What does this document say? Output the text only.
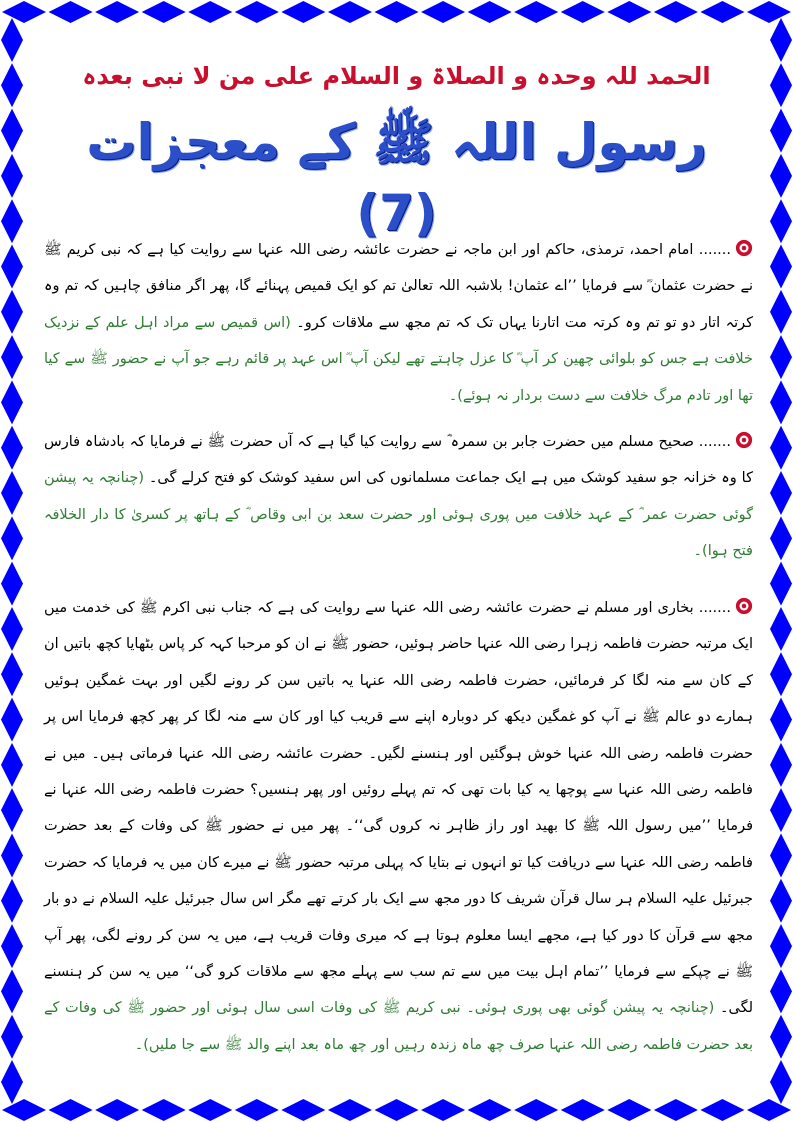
الحمد للہ وحدہ و الصلاۃ و السلام علی من لا نبی بعدہ
رسول اللہ ﷺ کے معجزات (7)
....... امام احمد، ترمذی، حاکم اور ابن ماجہ نے حضرت عائشہ رضی اللہ عنہا سے روایت کیا ہے کہ نبی کریم ﷺ نے حضرت عثمان ؓ سے فرمایا ’’اے عثمان! بلاشبہ اللہ تعالیٰ تم کو ایک قمیص پہنائے گا، پھر اگر منافق چاہیں کہ تم وہ کرتہ اتار دو تو تم وہ کرتہ مت اتارنا یہاں تک کہ تم مجھ سے ملاقات کرو۔ (اس قمیص سے مراد اہل علم کے نزدیک خلافت ہے جس کو بلوائی چھین کر آپ ؓ کا عزل چاہتے تھے لیکن آپ ؓ اس عہد پر قائم رہے جو آپ نے حضور ﷺ سے کیا تھا اور تادم مرگ خلافت سے دست بردار نہ ہوئے)۔
....... صحیح مسلم میں حضرت جابر بن سمرہ ؓ سے روایت کیا گیا ہے کہ آں حضرت ﷺ نے فرمایا کہ بادشاہ فارس کا وہ خزانہ جو سفید کوشک میں ہے ایک جماعت مسلمانوں کی اس سفید کوشک کو فتح کرلے گی۔ (چنانچہ یہ پیشن گوئی حضرت عمر ؓ کے عہد خلافت میں پوری ہوئی اور حضرت سعد بن ابی وقاص ؓ کے ہاتھ پر کسریٰ کا دار الخلافہ فتح ہوا)۔
....... بخاری اور مسلم نے حضرت عائشہ رضی اللہ عنہا سے روایت کی ہے کہ جناب نبی اکرم ﷺ کی خدمت میں ایک مرتبہ حضرت فاطمہ زہرا رضی اللہ عنہا حاضر ہوئیں، حضور ﷺ نے ان کو مرحبا کہہ کر پاس بٹھایا کچھ باتیں ان کے کان سے منہ لگا کر فرمائیں، حضرت فاطمہ رضی اللہ عنہا یہ باتیں سن کر رونے لگیں اور بہت غمگین ہوئیں ہمارے دو عالم ﷺ نے آپ کو غمگین دیکھ کر دوبارہ اپنے سے قریب کیا اور کان سے منہ لگا کر پھر کچھ فرمایا اس پر حضرت فاطمہ رضی اللہ عنہا خوش ہوگئیں اور ہنسنے لگیں۔ حضرت عائشہ رضی اللہ عنہا فرماتی ہیں۔ میں نے فاطمہ رضی اللہ عنہا سے پوچھا یہ کیا بات تھی کہ تم پہلے روئیں اور پھر ہنسیں؟ حضرت فاطمہ رضی اللہ عنہا نے فرمایا ’’میں رسول اللہ ﷺ کا بھید اور راز ظاہر نہ کروں گی‘‘۔ پھر میں نے حضور ﷺ کی وفات کے بعد حضرت فاطمہ رضی اللہ عنہا سے دریافت کیا تو انہوں نے بتایا کہ پہلی مرتبہ حضور ﷺ نے میرے کان میں یہ فرمایا کہ حضرت جبرئیل علیہ السلام ہر سال قرآن شریف کا دور مجھ سے ایک بار کرتے تھے مگر اس سال جبرئیل علیہ السلام نے دو بار مجھ سے قرآن کا دور کیا ہے، مجھے ایسا معلوم ہوتا ہے کہ میری وفات قریب ہے، میں یہ سن کر رونے لگی، پھر آپ ﷺ نے چپکے سے فرمایا ’’تمام اہل بیت میں سے تم سب سے پہلے مجھ سے ملاقات کرو گی‘‘ میں یہ سن کر ہنسنے لگی۔ (چنانچہ یہ پیشن گوئی بھی پوری ہوئی۔ نبی کریم ﷺ کی وفات اسی سال ہوئی اور حضور ﷺ کی وفات کے بعد حضرت فاطمہ رضی اللہ عنہا صرف چھ ماہ زندہ رہیں اور چھ ماہ بعد اپنے والد ﷺ سے جا ملیں)۔
